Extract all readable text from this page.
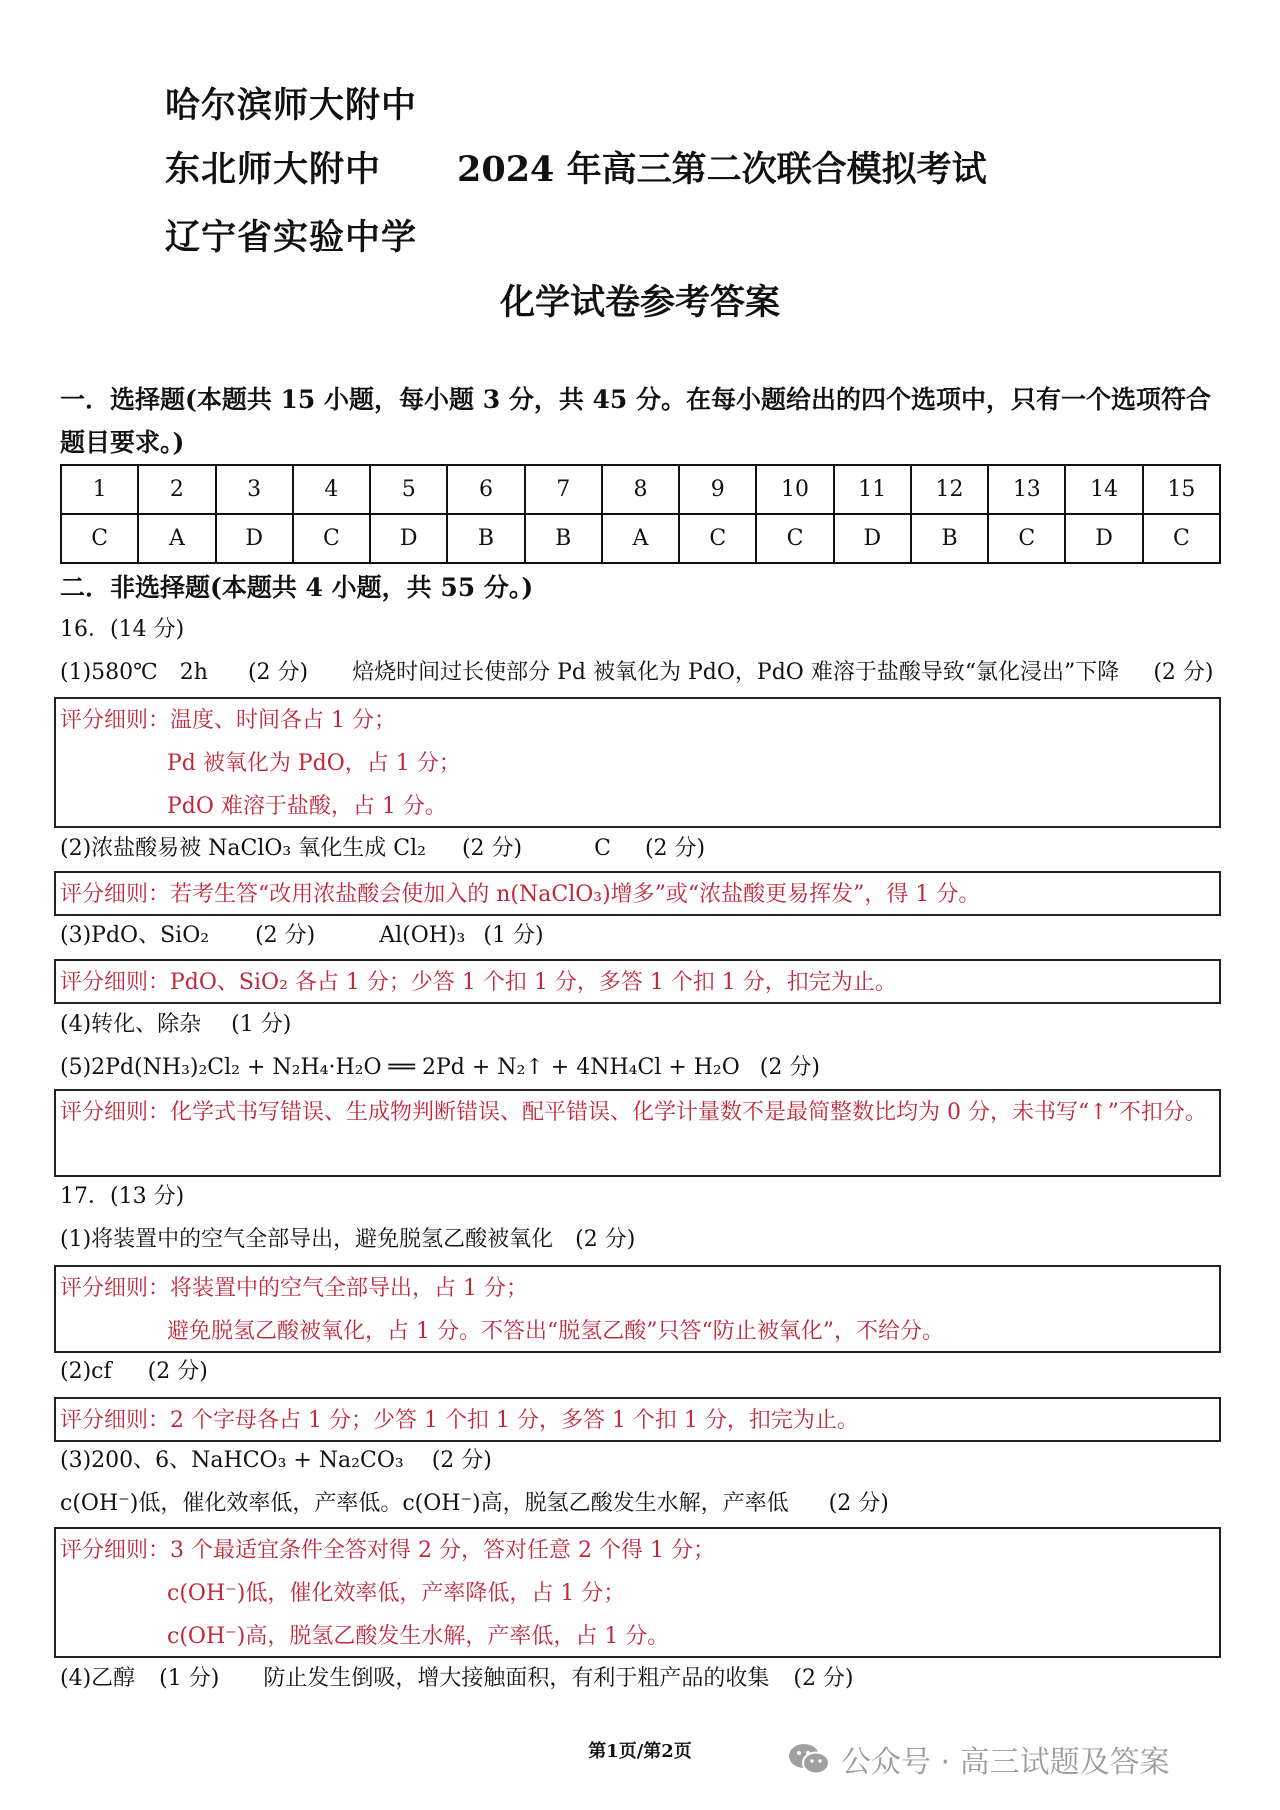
哈尔滨师大附中
东北师大附中
辽宁省实验中学
2024 年高三第二次联合模拟考试
化学试卷参考答案
一．选择题(本题共 15 小题，每小题 3 分，共 45 分。在每小题给出的四个选项中，只有一个选项符合
题目要求。)
1	2	3	4	5	6	7	8	9	10	11	12	13	14	15
C	A	D	C	D	B	B	A	C	C	D	B	C	D	C
二．非选择题(本题共 4 小题，共 55 分。)
16．(14 分)
(1)580℃　2h (2 分) 焙烧时间过长使部分 Pd 被氧化为 PdO，PdO 难溶于盐酸导致“氯化浸出”下降 (2 分)
评分细则：温度、时间各占 1 分；
Pd 被氧化为 PdO，占 1 分；
PdO 难溶于盐酸，占 1 分。
(2)浓盐酸易被 NaClO₃ 氧化生成 Cl₂ (2 分)	C (2 分)
评分细则：若考生答“改用浓盐酸会使加入的 n(NaClO₃)增多”或“浓盐酸更易挥发”，得 1 分。
(3)PdO、SiO₂ (2 分)	Al(OH)₃ (1 分)
评分细则：PdO、SiO₂ 各占 1 分；少答 1 个扣 1 分，多答 1 个扣 1 分，扣完为止。
(4)转化、除杂 (1 分)
(5)2Pd(NH₃)₂Cl₂ + N₂H₄·H₂O ══ 2Pd + N₂↑ + 4NH₄Cl + H₂O (2 分)
评分细则：化学式书写错误、生成物判断错误、配平错误、化学计量数不是最简整数比均为 0 分，未书写“↑”不扣分。
17．(13 分)
(1)将装置中的空气全部导出，避免脱氢乙酸被氧化 (2 分)
评分细则：将装置中的空气全部导出，占 1 分；
避免脱氢乙酸被氧化，占 1 分。不答出“脱氢乙酸”只答“防止被氧化”，不给分。
(2)cf (2 分)
评分细则：2 个字母各占 1 分；少答 1 个扣 1 分，多答 1 个扣 1 分，扣完为止。
(3)200、6、NaHCO₃ + Na₂CO₃ (2 分)
c(OH⁻)低，催化效率低，产率低。c(OH⁻)高，脱氢乙酸发生水解，产率低 (2 分)
评分细则：3 个最适宜条件全答对得 2 分，答对任意 2 个得 1 分；
c(OH⁻)低，催化效率低，产率降低，占 1 分；
c(OH⁻)高，脱氢乙酸发生水解，产率低，占 1 分。
(4)乙醇 (1 分) 防止发生倒吸，增大接触面积，有利于粗产品的收集 (2 分)
第1页/第2页	公众号 · 高三试题及答案
